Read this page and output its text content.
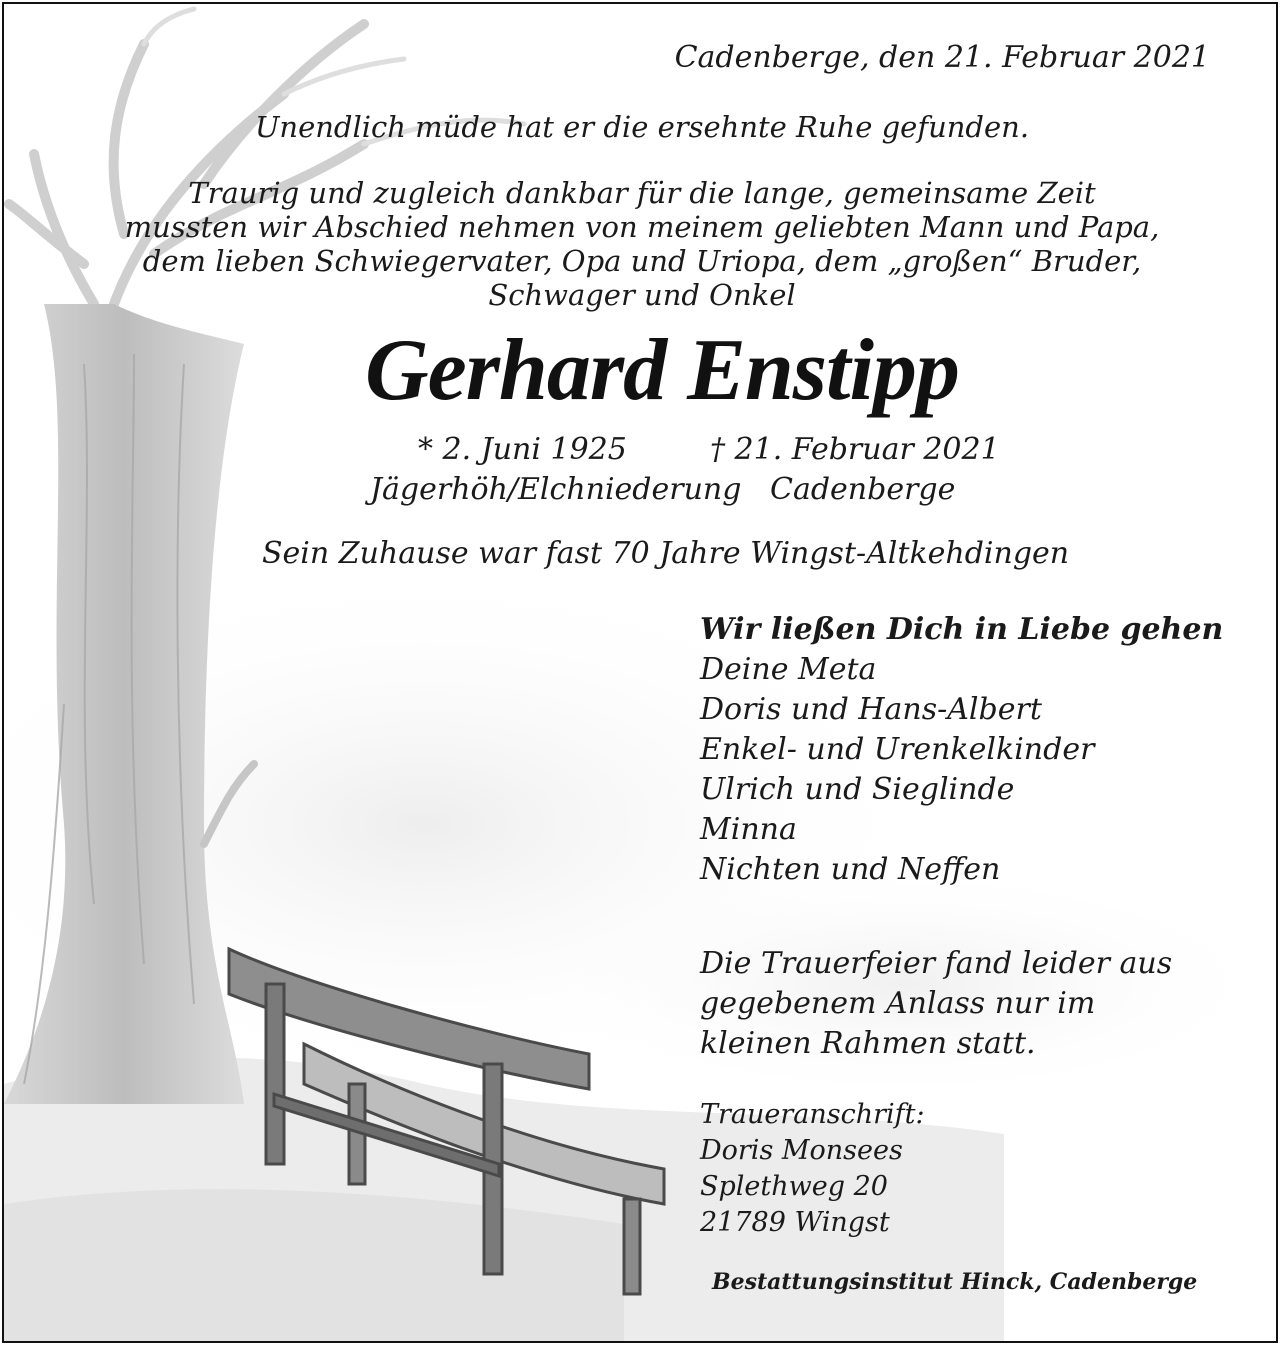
Cadenberge, den 21. Februar 2021
Unendlich müde hat er die ersehnte Ruhe gefunden.
Traurig und zugleich dankbar für die lange, gemeinsame Zeit
mussten wir Abschied nehmen von meinem geliebten Mann und Papa,
dem lieben Schwiegervater, Opa und Uriopa, dem „großen“ Bruder,
Schwager und Onkel
Gerhard Enstipp
* 2. Juni 1925	† 21. Februar 2021
Jägerhöh/Elchniederung Cadenberge
Sein Zuhause war fast 70 Jahre Wingst-Altkehdingen
Wir ließen Dich in Liebe gehen
Deine Meta
Doris und Hans-Albert
Enkel- und Urenkelkinder
Ulrich und Sieglinde
Minna
Nichten und Neffen
Die Trauerfeier fand leider aus
gegebenem Anlass nur im
kleinen Rahmen statt.
Traueranschrift:
Doris Monsees
Splethweg 20
21789 Wingst
Bestattungsinstitut Hinck, Cadenberge
